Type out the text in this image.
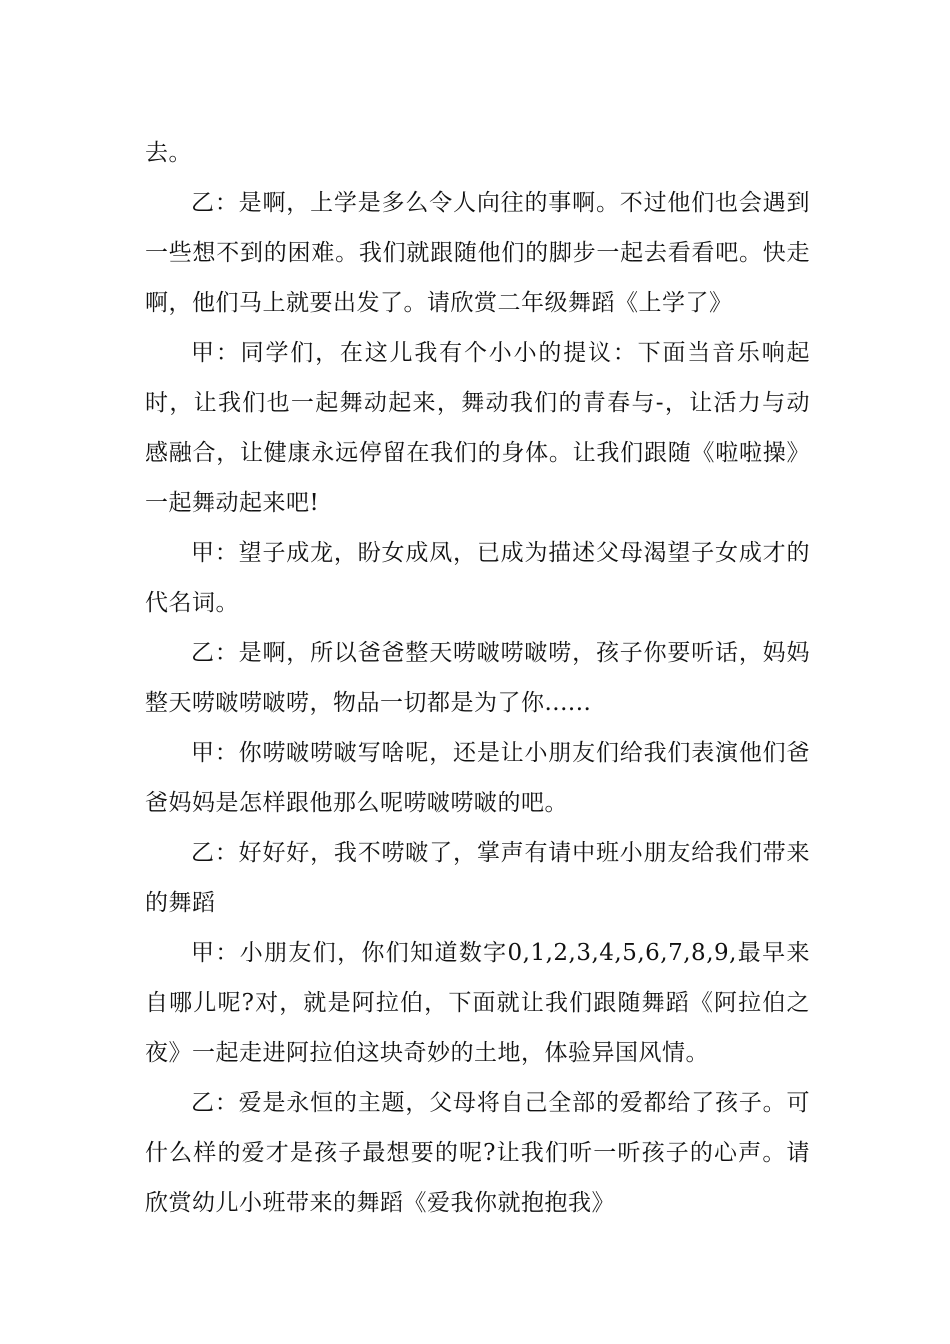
去。

乙：是啊，上学是多么令人向往的事啊。不过他们也会遇到一些想不到的困难。我们就跟随他们的脚步一起去看看吧。快走啊，他们马上就要出发了。请欣赏二年级舞蹈《上学了》

甲：同学们，在这儿我有个小小的提议：下面当音乐响起时，让我们也一起舞动起来，舞动我们的青春与-，让活力与动感融合，让健康永远停留在我们的身体。让我们跟随《啦啦操》一起舞动起来吧!

甲：望子成龙，盼女成凤，已成为描述父母渴望子女成才的代名词。

乙：是啊，所以爸爸整天唠啵唠啵唠，孩子你要听话，妈妈整天唠啵唠啵唠，物品一切都是为了你......

甲：你唠啵唠啵写啥呢，还是让小朋友们给我们表演他们爸爸妈妈是怎样跟他那么呢唠啵唠啵的吧。

乙：好好好，我不唠啵了，掌声有请中班小朋友给我们带来的舞蹈

甲：小朋友们，你们知道数字0,1,2,3,4,5,6,7,8,9,最早来自哪儿呢?对，就是阿拉伯，下面就让我们跟随舞蹈《阿拉伯之夜》一起走进阿拉伯这块奇妙的土地，体验异国风情。

乙：爱是永恒的主题，父母将自己全部的爱都给了孩子。可什么样的爱才是孩子最想要的呢?让我们听一听孩子的心声。请欣赏幼儿小班带来的舞蹈《爱我你就抱抱我》
